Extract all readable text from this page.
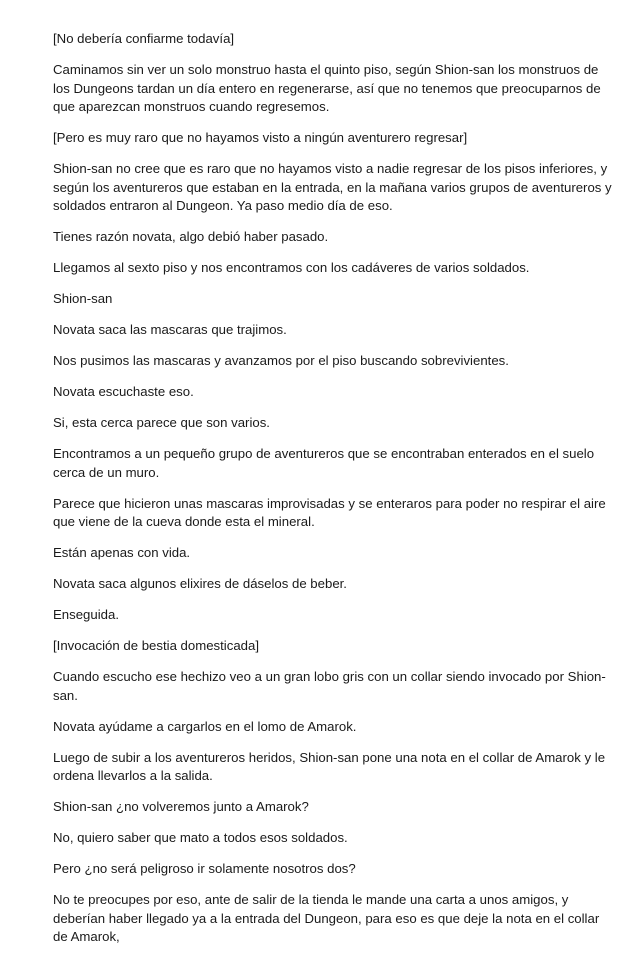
[No debería confiarme todavía]

Caminamos sin ver un solo monstruo hasta el quinto piso, según Shion-san los monstruos de los Dungeons tardan un día entero en regenerarse, así que no tenemos que preocuparnos de que aparezcan monstruos cuando regresemos.

[Pero es muy raro que no hayamos visto a ningún aventurero regresar]

Shion-san no cree que es raro que no hayamos visto a nadie regresar de los pisos inferiores, y según los aventureros que estaban en la entrada, en la mañana varios grupos de aventureros y soldados entraron al Dungeon. Ya paso medio día de eso.

Tienes razón novata, algo debió haber pasado.

Llegamos al sexto piso y nos encontramos con los cadáveres de varios soldados.

Shion-san

Novata saca las mascaras que trajimos.

Nos pusimos las mascaras y avanzamos por el piso buscando sobrevivientes.

Novata escuchaste eso.

Si, esta cerca parece que son varios.

Encontramos a un pequeño grupo de aventureros que se encontraban enterados en el suelo cerca de un muro.

Parece que hicieron unas mascaras improvisadas y se enteraros para poder no respirar el aire que viene de la cueva donde esta el mineral.

Están apenas con vida.

Novata saca algunos elixires de dáselos de beber.

Enseguida.

[Invocación de bestia domesticada]

Cuando escucho ese hechizo veo a un gran lobo gris con un collar siendo invocado por Shion-san.

Novata ayúdame a cargarlos en el lomo de Amarok.

Luego de subir a los aventureros heridos, Shion-san pone una nota en el collar de Amarok y le ordena llevarlos a la salida.

Shion-san ¿no volveremos junto a Amarok?

No, quiero saber que mato a todos esos soldados.

Pero ¿no será peligroso ir solamente nosotros dos?

No te preocupes por eso, ante de salir de la tienda le mande una carta a unos amigos, y deberían haber llegado ya a la entrada del Dungeon, para eso es que deje la nota en el collar de Amarok,
